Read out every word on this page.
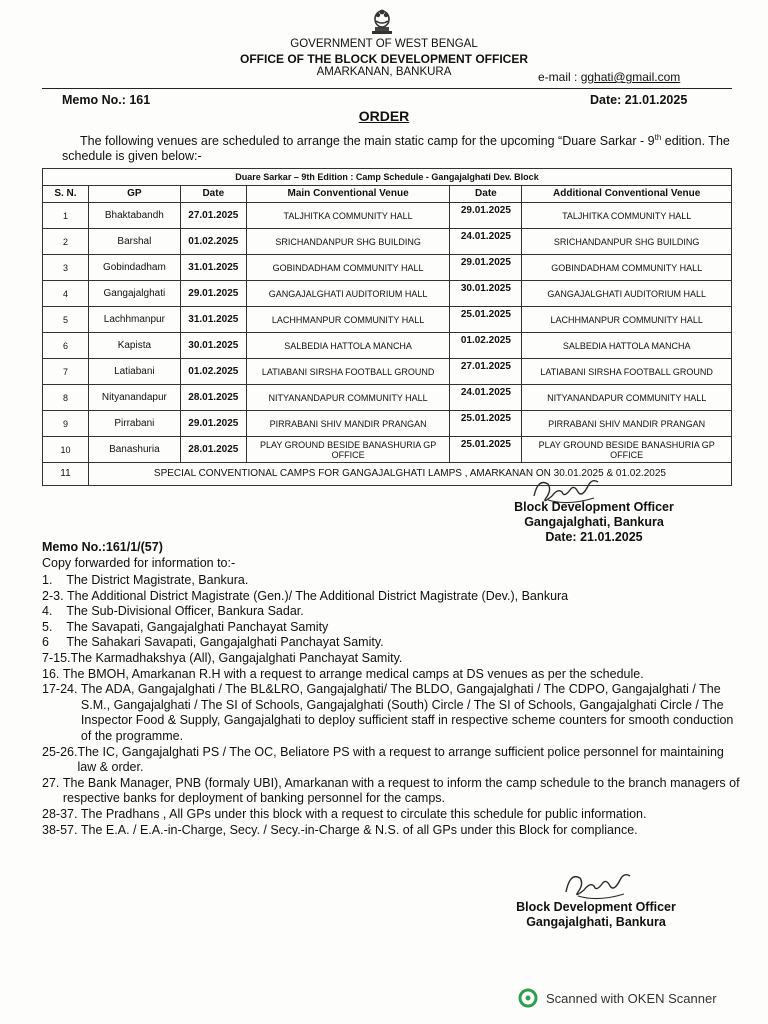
GOVERNMENT OF WEST BENGAL
OFFICE OF THE BLOCK DEVELOPMENT OFFICER
AMARKANAN, BANKURA	e-mail : gghati@gmail.com
Memo No.: 161	Date: 21.01.2025
ORDER
The following venues are scheduled to arrange the main static camp for the upcoming “Duare Sarkar - 9th edition. The schedule is given below:-
Duare Sarkar – 9th Edition : Camp Schedule - Gangajalghati Dev. Block					
S. N.	GP	Date	Main Conventional Venue	Date	Additional Conventional Venue
1	Bhaktabandh	27.01.2025	TALJHITKA COMMUNITY HALL	29.01.2025	TALJHITKA COMMUNITY HALL
2	Barshal	01.02.2025	SRICHANDANPUR SHG BUILDING	24.01.2025	SRICHANDANPUR SHG BUILDING
3	Gobindadham	31.01.2025	GOBINDADHAM COMMUNITY HALL	29.01.2025	GOBINDADHAM COMMUNITY HALL
4	Gangajalghati	29.01.2025	GANGAJALGHATI AUDITORIUM HALL	30.01.2025	GANGAJALGHATI AUDITORIUM HALL
5	Lachhmanpur	31.01.2025	LACHHMANPUR COMMUNITY HALL	25.01.2025	LACHHMANPUR COMMUNITY HALL
6	Kapista	30.01.2025	SALBEDIA HATTOLA MANCHA	01.02.2025	SALBEDIA HATTOLA MANCHA
7	Latiabani	01.02.2025	LATIABANI SIRSHA FOOTBALL GROUND	27.01.2025	LATIABANI SIRSHA FOOTBALL GROUND
8	Nityanandapur	28.01.2025	NITYANANDAPUR COMMUNITY HALL	24.01.2025	NITYANANDAPUR COMMUNITY HALL
9	Pirrabani	29.01.2025	PIRRABANI SHIV MANDIR PRANGAN	25.01.2025	PIRRABANI SHIV MANDIR PRANGAN
10	Banashuria	28.01.2025	PLAY GROUND BESIDE BANASHURIA GP OFFICE	25.01.2025	PLAY GROUND BESIDE BANASHURIA GP OFFICE
11	SPECIAL CONVENTIONAL CAMPS FOR GANGAJALGHATI LAMPS , AMARKANAN ON 30.01.2025 & 01.02.2025				
Block Development Officer
Gangajalghati, Bankura
Date: 21.01.2025
Memo No.:161/1/(57)
Copy forwarded for information to:-
1. The District Magistrate, Bankura.
2-3. The Additional District Magistrate (Gen.)/ The Additional District Magistrate (Dev.), Bankura
4. The Sub-Divisional Officer, Bankura Sadar.
5. The Savapati, Gangajalghati Panchayat Samity
6 The Sahakari Savapati, Gangajalghati Panchayat Samity.
7-15. The Karmadhakshya (All), Gangajalghati Panchayat Samity.
16. The BMOH, Amarkanan R.H with a request to arrange medical camps at DS venues as per the schedule.
17-24. The ADA, Gangajalghati / The BL&LRO, Gangajalghati/ The BLDO, Gangajalghati / The CDPO, Gangajalghati / The S.M., Gangajalghati / The SI of Schools, Gangajalghati (South) Circle / The SI of Schools, Gangajalghati Circle / The Inspector Food & Supply, Gangajalghati to deploy sufficient staff in respective scheme counters for smooth conduction of the programme.
25-26. The IC, Gangajalghati PS / The OC, Beliatore PS with a request to arrange sufficient police personnel for maintaining law & order.
27. The Bank Manager, PNB (formaly UBI), Amarkanan with a request to inform the camp schedule to the branch managers of respective banks for deployment of banking personnel for the camps.
28-37. The Pradhans , All GPs under this block with a request to circulate this schedule for public information.
38-57. The E.A. / E.A.-in-Charge, Secy. / Secy.-in-Charge & N.S. of all GPs under this Block for compliance.
Block Development Officer
Gangajalghati, Bankura
Scanned with OKEN Scanner
